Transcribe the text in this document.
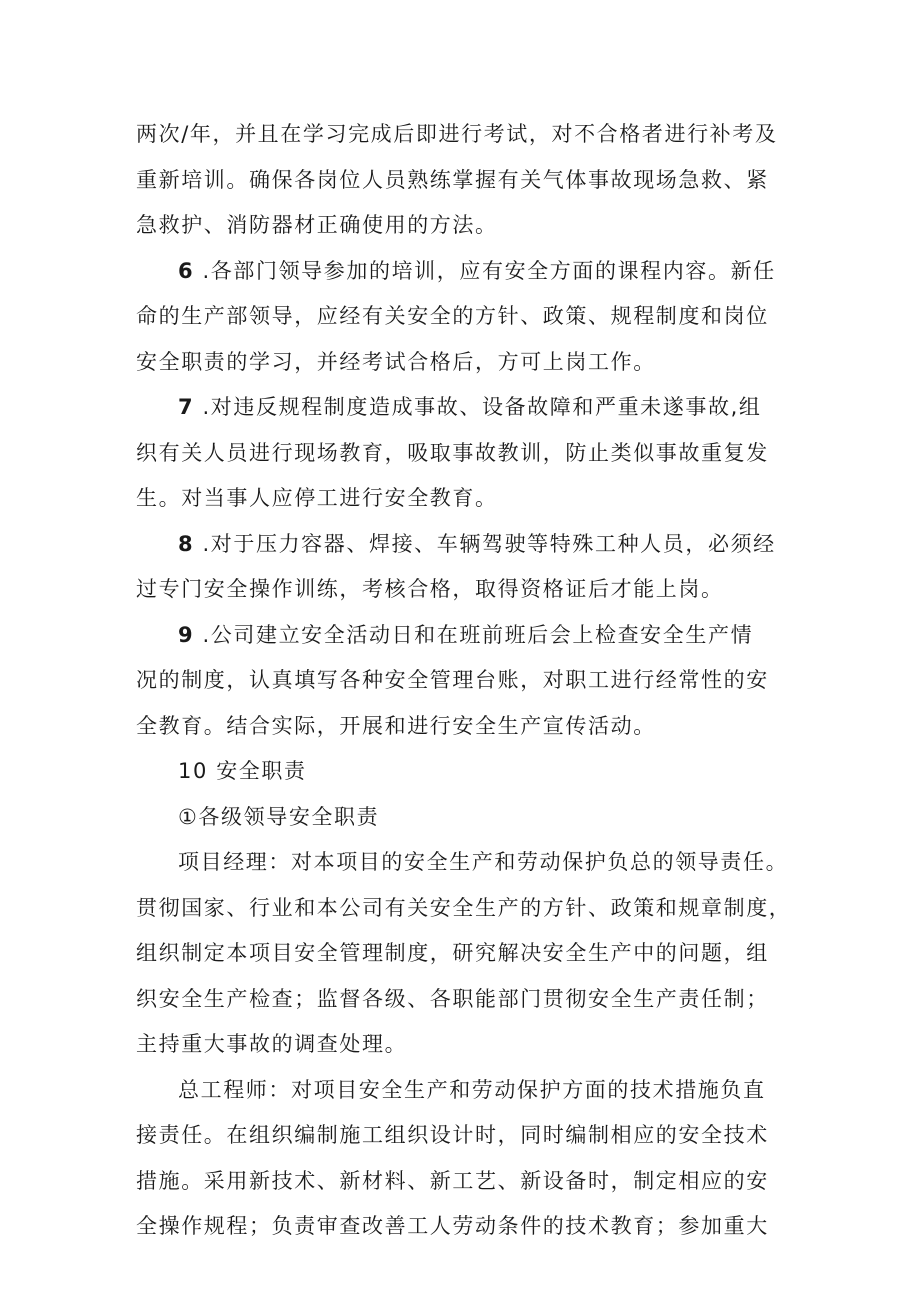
两次/年，并且在学习完成后即进行考试，对不合格者进行补考及
重新培训。确保各岗位人员熟练掌握有关气体事故现场急救、紧
急救护、消防器材正确使用的方法。
6 .各部门领导参加的培训，应有安全方面的课程内容。新任
命的生产部领导，应经有关安全的方针、政策、规程制度和岗位
安全职责的学习，并经考试合格后，方可上岗工作。
7 .对违反规程制度造成事故、设备故障和严重未遂事故,组
织有关人员进行现场教育，吸取事故教训，防止类似事故重复发
生。对当事人应停工进行安全教育。
8 .对于压力容器、焊接、车辆驾驶等特殊工种人员，必须经
过专门安全操作训练，考核合格，取得资格证后才能上岗。
9 .公司建立安全活动日和在班前班后会上检查安全生产情
况的制度，认真填写各种安全管理台账，对职工进行经常性的安
全教育。结合实际，开展和进行安全生产宣传活动。
10 安全职责
①各级领导安全职责
项目经理：对本项目的安全生产和劳动保护负总的领导责任。
贯彻国家、行业和本公司有关安全生产的方针、政策和规章制度，
组织制定本项目安全管理制度，研究解决安全生产中的问题，组
织安全生产检查；监督各级、各职能部门贯彻安全生产责任制；
主持重大事故的调查处理。
总工程师：对项目安全生产和劳动保护方面的技术措施负直
接责任。在组织编制施工组织设计时，同时编制相应的安全技术
措施。采用新技术、新材料、新工艺、新设备时，制定相应的安
全操作规程；负责审查改善工人劳动条件的技术教育；参加重大
